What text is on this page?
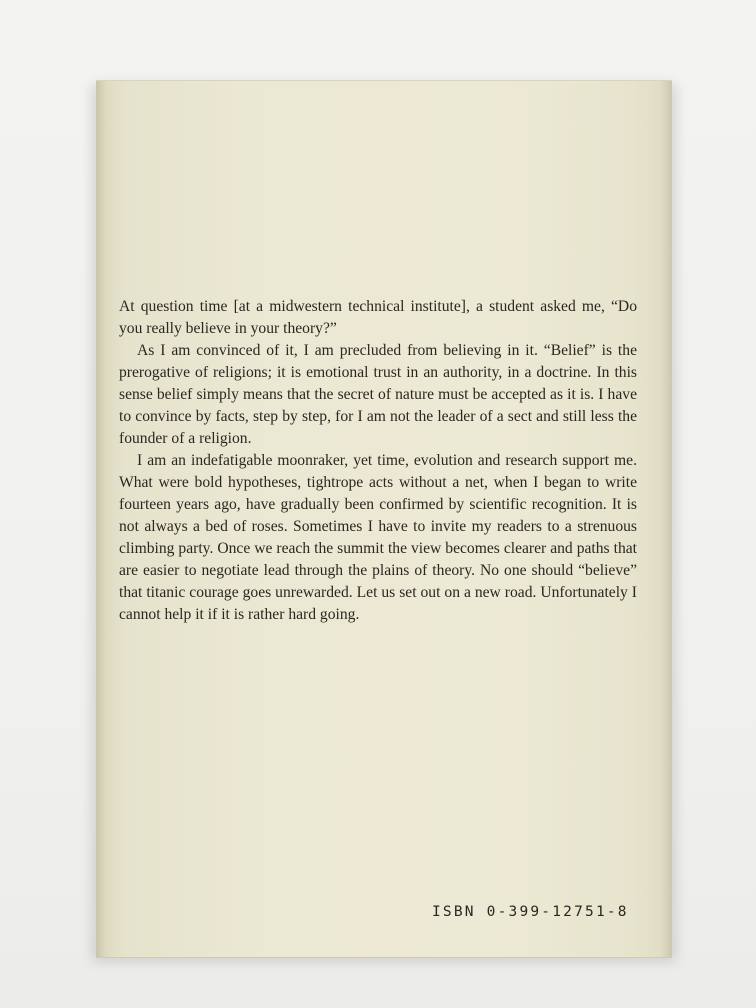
At question time [at a midwestern technical institute], a student asked me, “Do you really believe in your theory?”

As I am convinced of it, I am precluded from believing in it. “Belief” is the prerogative of religions; it is emotional trust in an authority, in a doctrine. In this sense belief simply means that the secret of nature must be accepted as it is. I have to convince by facts, step by step, for I am not the leader of a sect and still less the founder of a religion.

I am an indefatigable moonraker, yet time, evolution and research support me. What were bold hypotheses, tightrope acts without a net, when I began to write fourteen years ago, have gradually been confirmed by scientific recognition. It is not always a bed of roses. Sometimes I have to invite my readers to a strenuous climbing party. Once we reach the summit the view becomes clearer and paths that are easier to negotiate lead through the plains of theory. No one should “believe” that titanic courage goes unrewarded. Let us set out on a new road. Unfortunately I cannot help it if it is rather hard going.

ISBN 0-399-12751-8
